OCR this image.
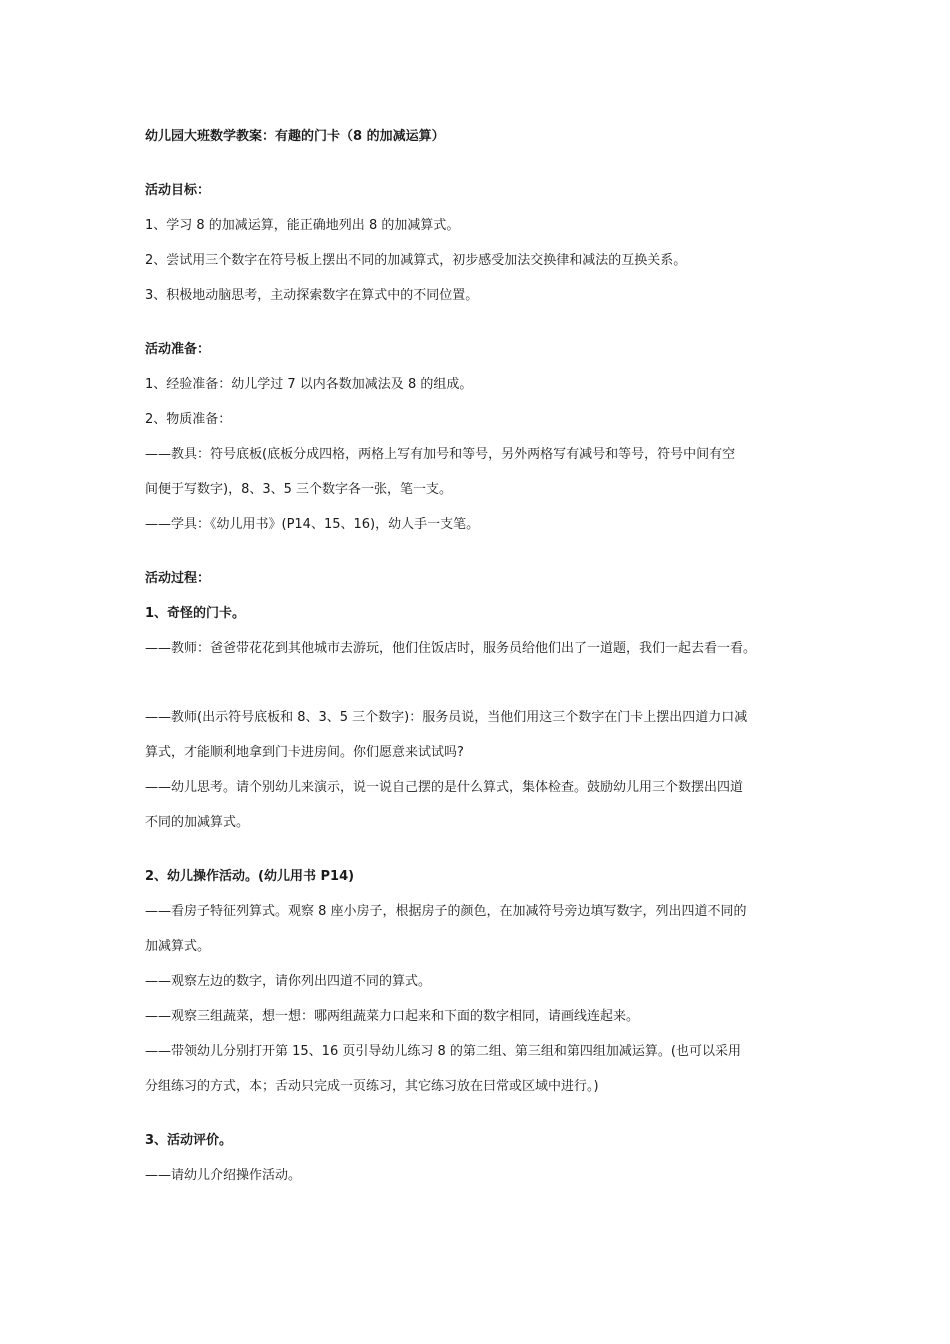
幼儿园大班数学教案：有趣的门卡（8 的加减运算）
活动目标：
1、学习 8 的加减运算，能正确地列出 8 的加减算式。
2、尝试用三个数字在符号板上摆出不同的加减算式，初步感受加法交换律和减法的互换关系。
3、积极地动脑思考，主动探索数字在算式中的不同位置。
活动准备：
1、经验准备：幼儿学过 7 以内各数加减法及 8 的组成。
2、物质准备：
——教具：符号底板(底板分成四格，两格上写有加号和等号，另外两格写有减号和等号，符号中间有空
间便于写数字)，8、3、5 三个数字各一张，笔一支。
——学具：《幼儿用书》(P14、15、16)，幼人手一支笔。
活动过程：
1、奇怪的门卡。
——教师：爸爸带花花到其他城市去游玩，他们住饭店时，服务员给他们出了一道题，我们一起去看一看。
——教师(出示符号底板和 8、3、5 三个数字)：服务员说，当他们用这三个数字在门卡上摆出四道力口减
算式，才能顺利地拿到门卡进房间。你们愿意来试试吗?
——幼儿思考。请个别幼儿来演示，说一说自己摆的是什么算式，集体检查。鼓励幼儿用三个数摆出四道
不同的加减算式。
2、幼儿操作活动。(幼儿用书 P14)
——看房子特征列算式。观察 8 座小房子，根据房子的颜色，在加减符号旁边填写数字，列出四道不同的
加减算式。
——观察左边的数字，请你列出四道不同的算式。
——观察三组蔬菜，想一想：哪两组蔬菜力口起来和下面的数字相同，请画线连起来。
——带领幼儿分别打开第 15、16 页引导幼儿练习 8 的第二组、第三组和第四组加减运算。(也可以采用
分组练习的方式，本；舌动只完成一页练习，其它练习放在曰常或区域中进行。)
3、活动评价。
——请幼儿介绍操作活动。
